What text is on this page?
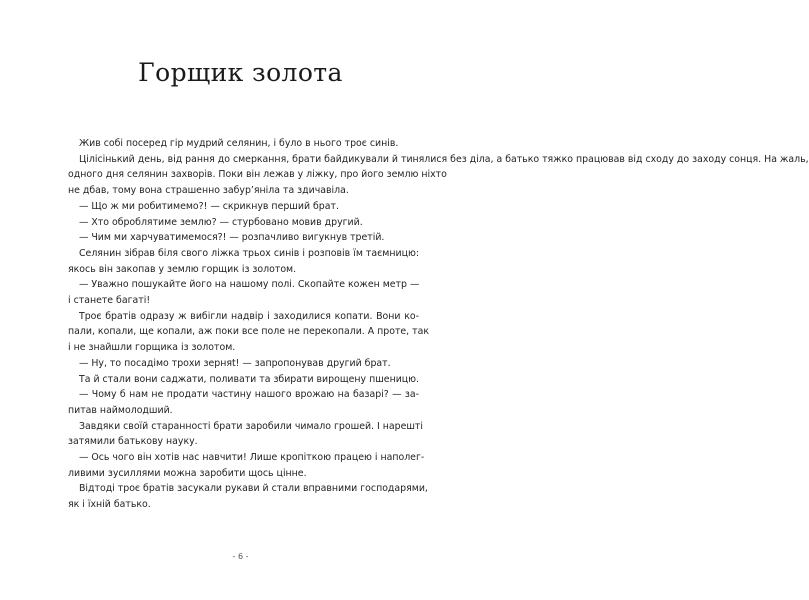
Горщик золота
Жив собі посеред гір мудрий селянин, і було в нього троє синів.
Цілісінький день, від рання до смеркання, брати байдикували й тинялися без діла, а батько тяжко працював від сходу до заходу сонця. На жаль,
одного дня селянин захворів. Поки він лежав у ліжку, про його землю ніхто
не дбав, тому вона страшенно забур’яніла та здичавіла.
— Що ж ми робитимемо?! — скрикнув перший брат.
— Хто оброблятиме землю? — стурбовано мовив другий.
— Чим ми харчуватимемося?! — розпачливо вигукнув третій.
Селянин зібрав біля свого ліжка трьох синів і розповів їм таємницю:
якось він закопав у землю горщик із золотом.
— Уважно пошукайте його на нашому полі. Скопайте кожен метр —
і станете багаті!
Троє братів одразу ж вибігли надвір і заходилися копати. Вони ко-
пали, копали, ще копали, аж поки все поле не перекопали. А проте, так
і не знайшли горщика із золотом.
— Ну, то посадімо трохи зерняt! — запропонував другий брат.
Та й стали вони саджати, поливати та збирати вирощену пшеницю.
— Чому б нам не продати частину нашого врожаю на базарі? — за-
питав наймолодший.
Завдяки своїй старанності брати заробили чимало грошей. І нарешті
затямили батькову науку.
— Ось чого він хотів нас навчити! Лише кропіткою працею і наполег-
ливими зусиллями можна заробити щось цінне.
Відтоді троє братів засукали рукави й стали вправними господарями,
як і їхній батько.
- 6 -
